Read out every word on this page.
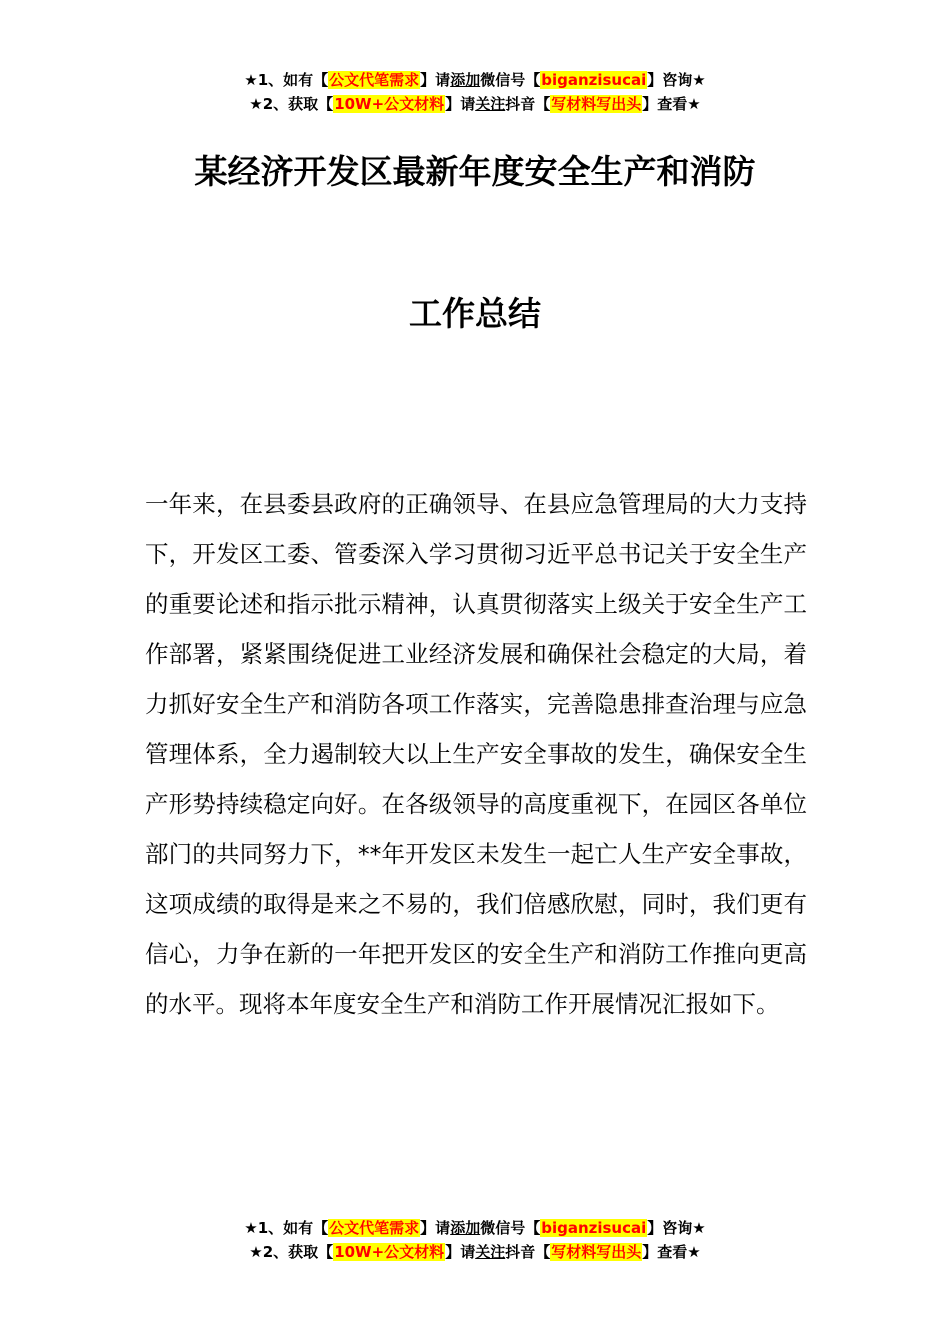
★1、如有【公文代笔需求】请添加微信号【biganzisucai】咨询★
★2、获取【10W+公文材料】请关注抖音【写材料写出头】查看★
某经济开发区最新年度安全生产和消防
工作总结

一年来，在县委县政府的正确领导、在县应急管理局的大力支持下，开发区工委、管委深入学习贯彻习近平总书记关于安全生产的重要论述和指示批示精神，认真贯彻落实上级关于安全生产工作部署，紧紧围绕促进工业经济发展和确保社会稳定的大局，着力抓好安全生产和消防各项工作落实，完善隐患排查治理与应急管理体系，全力遏制较大以上生产安全事故的发生，确保安全生产形势持续稳定向好。在各级领导的高度重视下，在园区各单位部门的共同努力下，**年开发区未发生一起亡人生产安全事故，这项成绩的取得是来之不易的，我们倍感欣慰，同时，我们更有信心，力争在新的一年把开发区的安全生产和消防工作推向更高的水平。现将本年度安全生产和消防工作开展情况汇报如下。

★1、如有【公文代笔需求】请添加微信号【biganzisucai】咨询★
★2、获取【10W+公文材料】请关注抖音【写材料写出头】查看★
